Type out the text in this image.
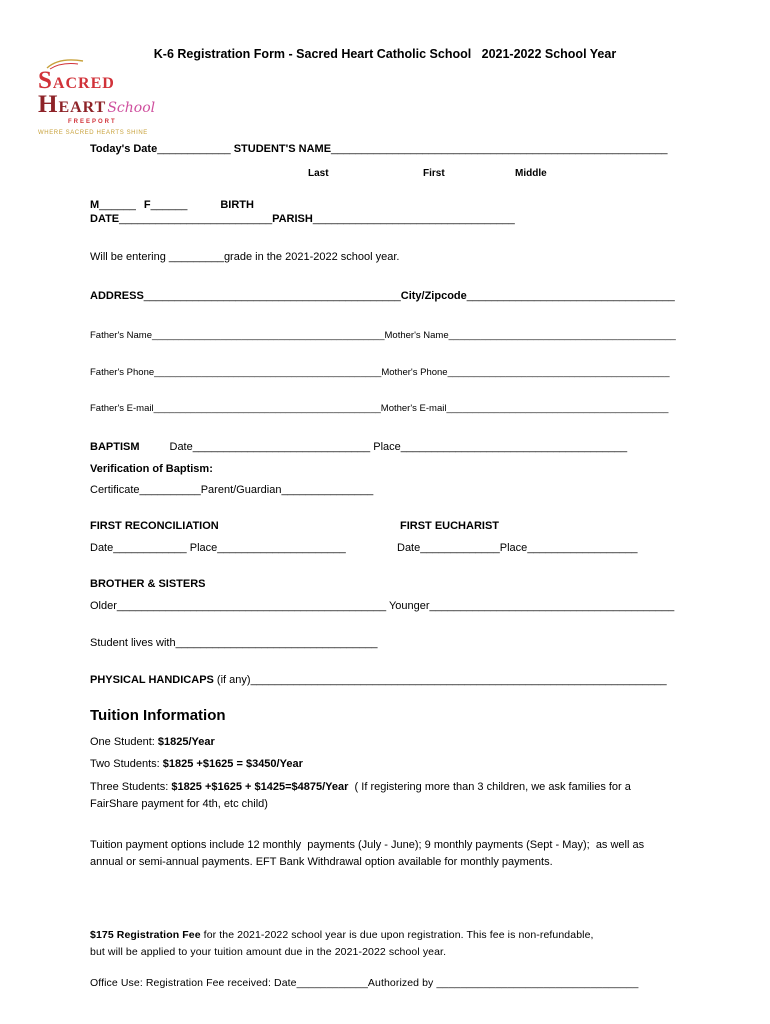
K-6 Registration Form - Sacred Heart Catholic School   2021-2022 School Year
SACRED
HEARTSchool
FREEPORT
WHERE SACRED HEARTS SHINE
Today's Date____________ STUDENT'S NAME_______________________________________________________
Last	First	Middle
M______ F______	BIRTH DATE_________________________PARISH_________________________________
Will be entering _________grade in the 2021-2022 school year.
ADDRESS__________________________________________City/Zipcode__________________________________
Father's Name____________________________________________Mother's Name___________________________________________
Father's Phone___________________________________________Mother's Phone__________________________________________
Father's E-mail___________________________________________Mother's E-mail__________________________________________
BAPTISM	Date_____________________________ Place_____________________________________
Verification of Baptism:
Certificate__________Parent/Guardian_______________
FIRST RECONCILIATION	FIRST EUCHARIST
Date____________ Place_____________________	Date_____________Place__________________
BROTHER & SISTERS
Older____________________________________________ Younger________________________________________
Student lives with_________________________________
PHYSICAL HANDICAPS (if any)____________________________________________________________________
Tuition Information
One Student: $1825/Year
Two Students: $1825 +$1625 = $3450/Year
Three Students: $1825 +$1625 + $1425=$4875/Year  ( If registering more than 3 children, we ask families for a FairShare payment for 4th, etc child)
Tuition payment options include 12 monthly  payments (July - June); 9 monthly payments (Sept - May);  as well as annual or semi-annual payments. EFT Bank Withdrawal option available for monthly payments.
$175 Registration Fee for the 2021-2022 school year is due upon registration. This fee is non-refundable, but will be applied to your tuition amount due in the 2021-2022 school year.
Office Use: Registration Fee received: Date____________Authorized by __________________________________
